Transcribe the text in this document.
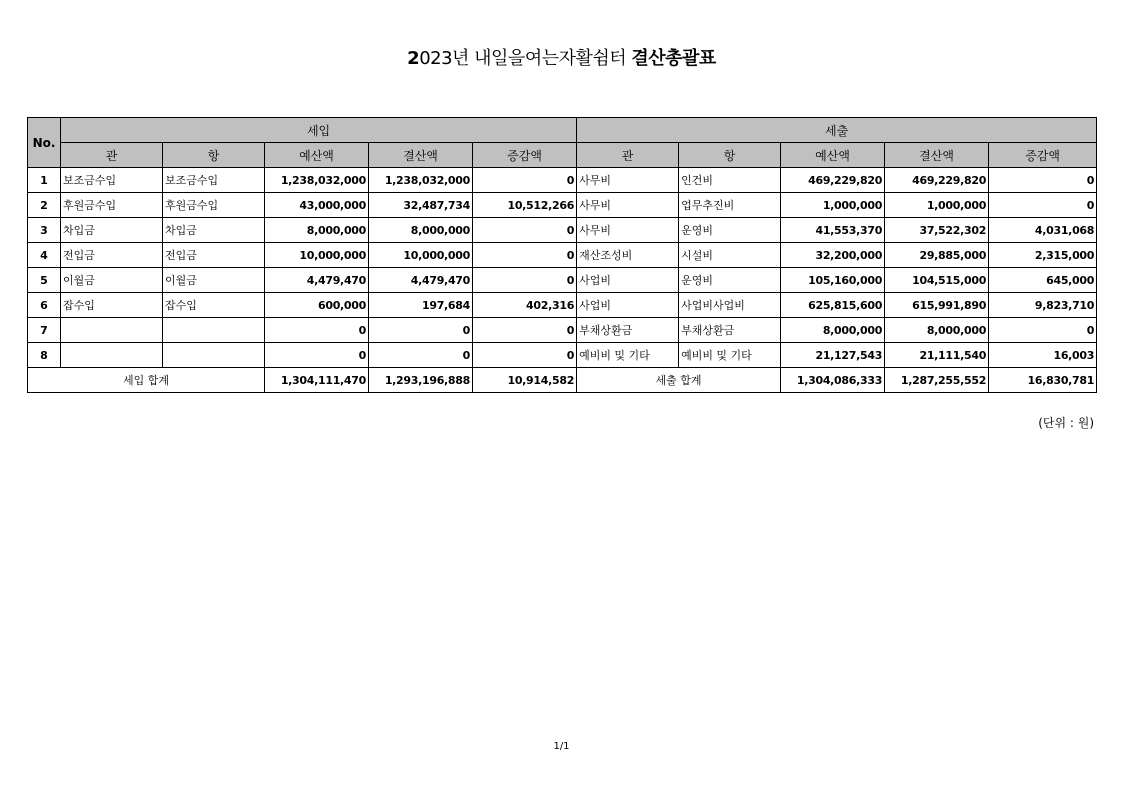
2023년 내일을여는자활쉼터 결산총괄표
No.	세입					세출				
	관	항	예산액	결산액	증감액	관	항	예산액	결산액	증감액
1	보조금수입	보조금수입	1,238,032,000	1,238,032,000	0	사무비	인건비	469,229,820	469,229,820	0
2	후원금수입	후원금수입	43,000,000	32,487,734	10,512,266	사무비	업무추진비	1,000,000	1,000,000	0
3	차입금	차입금	8,000,000	8,000,000	0	사무비	운영비	41,553,370	37,522,302	4,031,068
4	전입금	전입금	10,000,000	10,000,000	0	재산조성비	시설비	32,200,000	29,885,000	2,315,000
5	이월금	이월금	4,479,470	4,479,470	0	사업비	운영비	105,160,000	104,515,000	645,000
6	잡수입	잡수입	600,000	197,684	402,316	사업비	사업비사업비	625,815,600	615,991,890	9,823,710
7			0	0	0	부채상환금	부채상환금	8,000,000	8,000,000	0
8			0	0	0	예비비 및 기타	예비비 및 기타	21,127,543	21,111,540	16,003
세입 합계			1,304,111,470	1,293,196,888	10,914,582	세출 합계		1,304,086,333	1,287,255,552	16,830,781
(단위 : 원)
1/1
